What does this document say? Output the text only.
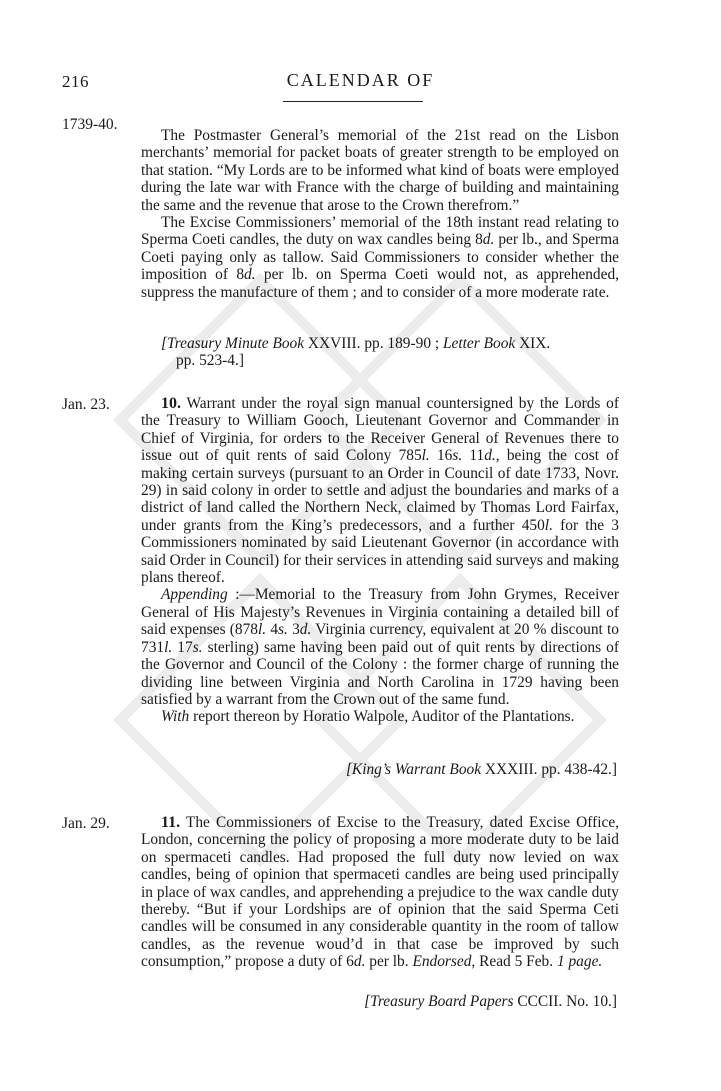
216	CALENDAR OF
1739-40.

The Postmaster General’s memorial of the 21st read on the Lisbon merchants’ memorial for packet boats of greater strength to be employed on that station. “My Lords are to be informed what kind of boats were employed during the late war with France with the charge of building and maintaining the same and the revenue that arose to the Crown therefrom.”

The Excise Commissioners’ memorial of the 18th instant read relating to Sperma Coeti candles, the duty on wax candles being 8d. per lb., and Sperma Coeti paying only as tallow. Said Commissioners to consider whether the imposition of 8d. per lb. on Sperma Coeti would not, as apprehended, suppress the manufacture of them ; and to consider of a more moderate rate.

[Treasury Minute Book XXVIII. pp. 189-90 ; Letter Book XIX.
pp. 523-4.]
Jan. 23.	10. Warrant under the royal sign manual countersigned by the Lords of the Treasury to William Gooch, Lieutenant Governor and Commander in Chief of Virginia, for orders to the Receiver General of Revenues there to issue out of quit rents of said Colony 785l. 16s. 11d., being the cost of making certain surveys (pursuant to an Order in Council of date 1733, Novr. 29) in said colony in order to settle and adjust the boundaries and marks of a district of land called the Northern Neck, claimed by Thomas Lord Fairfax, under grants from the King’s predecessors, and a further 450l. for the 3 Commissioners nominated by said Lieutenant Governor (in accordance with said Order in Council) for their services in attending said surveys and making plans thereof.

Appending :—Memorial to the Treasury from John Grymes, Receiver General of His Majesty’s Revenues in Virginia containing a detailed bill of said expenses (878l. 4s. 3d. Virginia currency, equivalent at 20 % discount to 731l. 17s. sterling) same having been paid out of quit rents by directions of the Governor and Council of the Colony : the former charge of running the dividing line between Virginia and North Carolina in 1729 having been satisfied by a warrant from the Crown out of the same fund.

With report thereon by Horatio Walpole, Auditor of the Plantations.

[King’s Warrant Book XXXIII. pp. 438-42.]
Jan. 29.	11. The Commissioners of Excise to the Treasury, dated Excise Office, London, concerning the policy of proposing a more moderate duty to be laid on spermaceti candles. Had proposed the full duty now levied on wax candles, being of opinion that spermaceti candles are being used principally in place of wax candles, and apprehending a prejudice to the wax candle duty thereby. “But if your Lordships are of opinion that the said Sperma Ceti candles will be consumed in any considerable quantity in the room of tallow candles, as the revenue woud’d in that case be improved by such consumption,” propose a duty of 6d. per lb. Endorsed, Read 5 Feb. 1 page.

[Treasury Board Papers CCCII. No. 10.]
